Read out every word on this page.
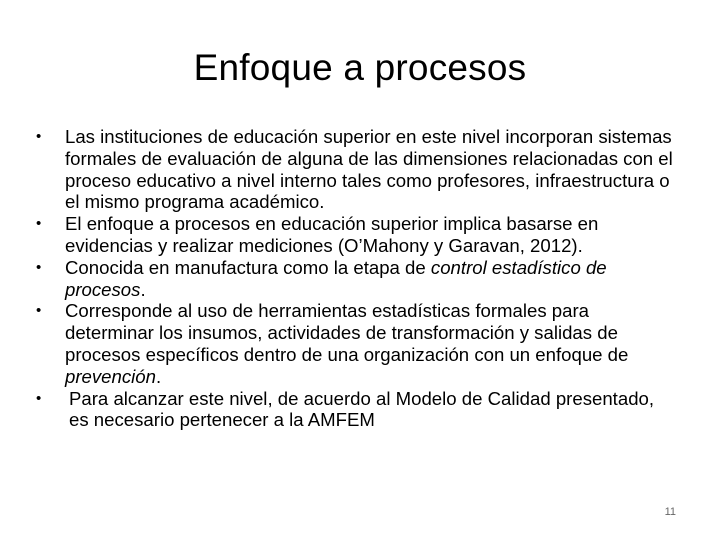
Enfoque a procesos
•	Las instituciones de educación superior en este nivel incorporan sistemas formales de evaluación de alguna de las dimensiones relacionadas con el proceso educativo a nivel interno tales como profesores, infraestructura o el mismo programa académico.
•	El enfoque a procesos en educación superior implica basarse en evidencias y realizar mediciones (O’Mahony y Garavan, 2012).
•	Conocida en manufactura como la etapa de control estadístico de procesos.
•	Corresponde al uso de herramientas estadísticas formales para determinar los insumos, actividades de transformación y salidas de procesos específicos dentro de una organización con un enfoque de prevención.
•	Para alcanzar este nivel, de acuerdo al Modelo de Calidad presentado, es necesario pertenecer a la AMFEM
11
